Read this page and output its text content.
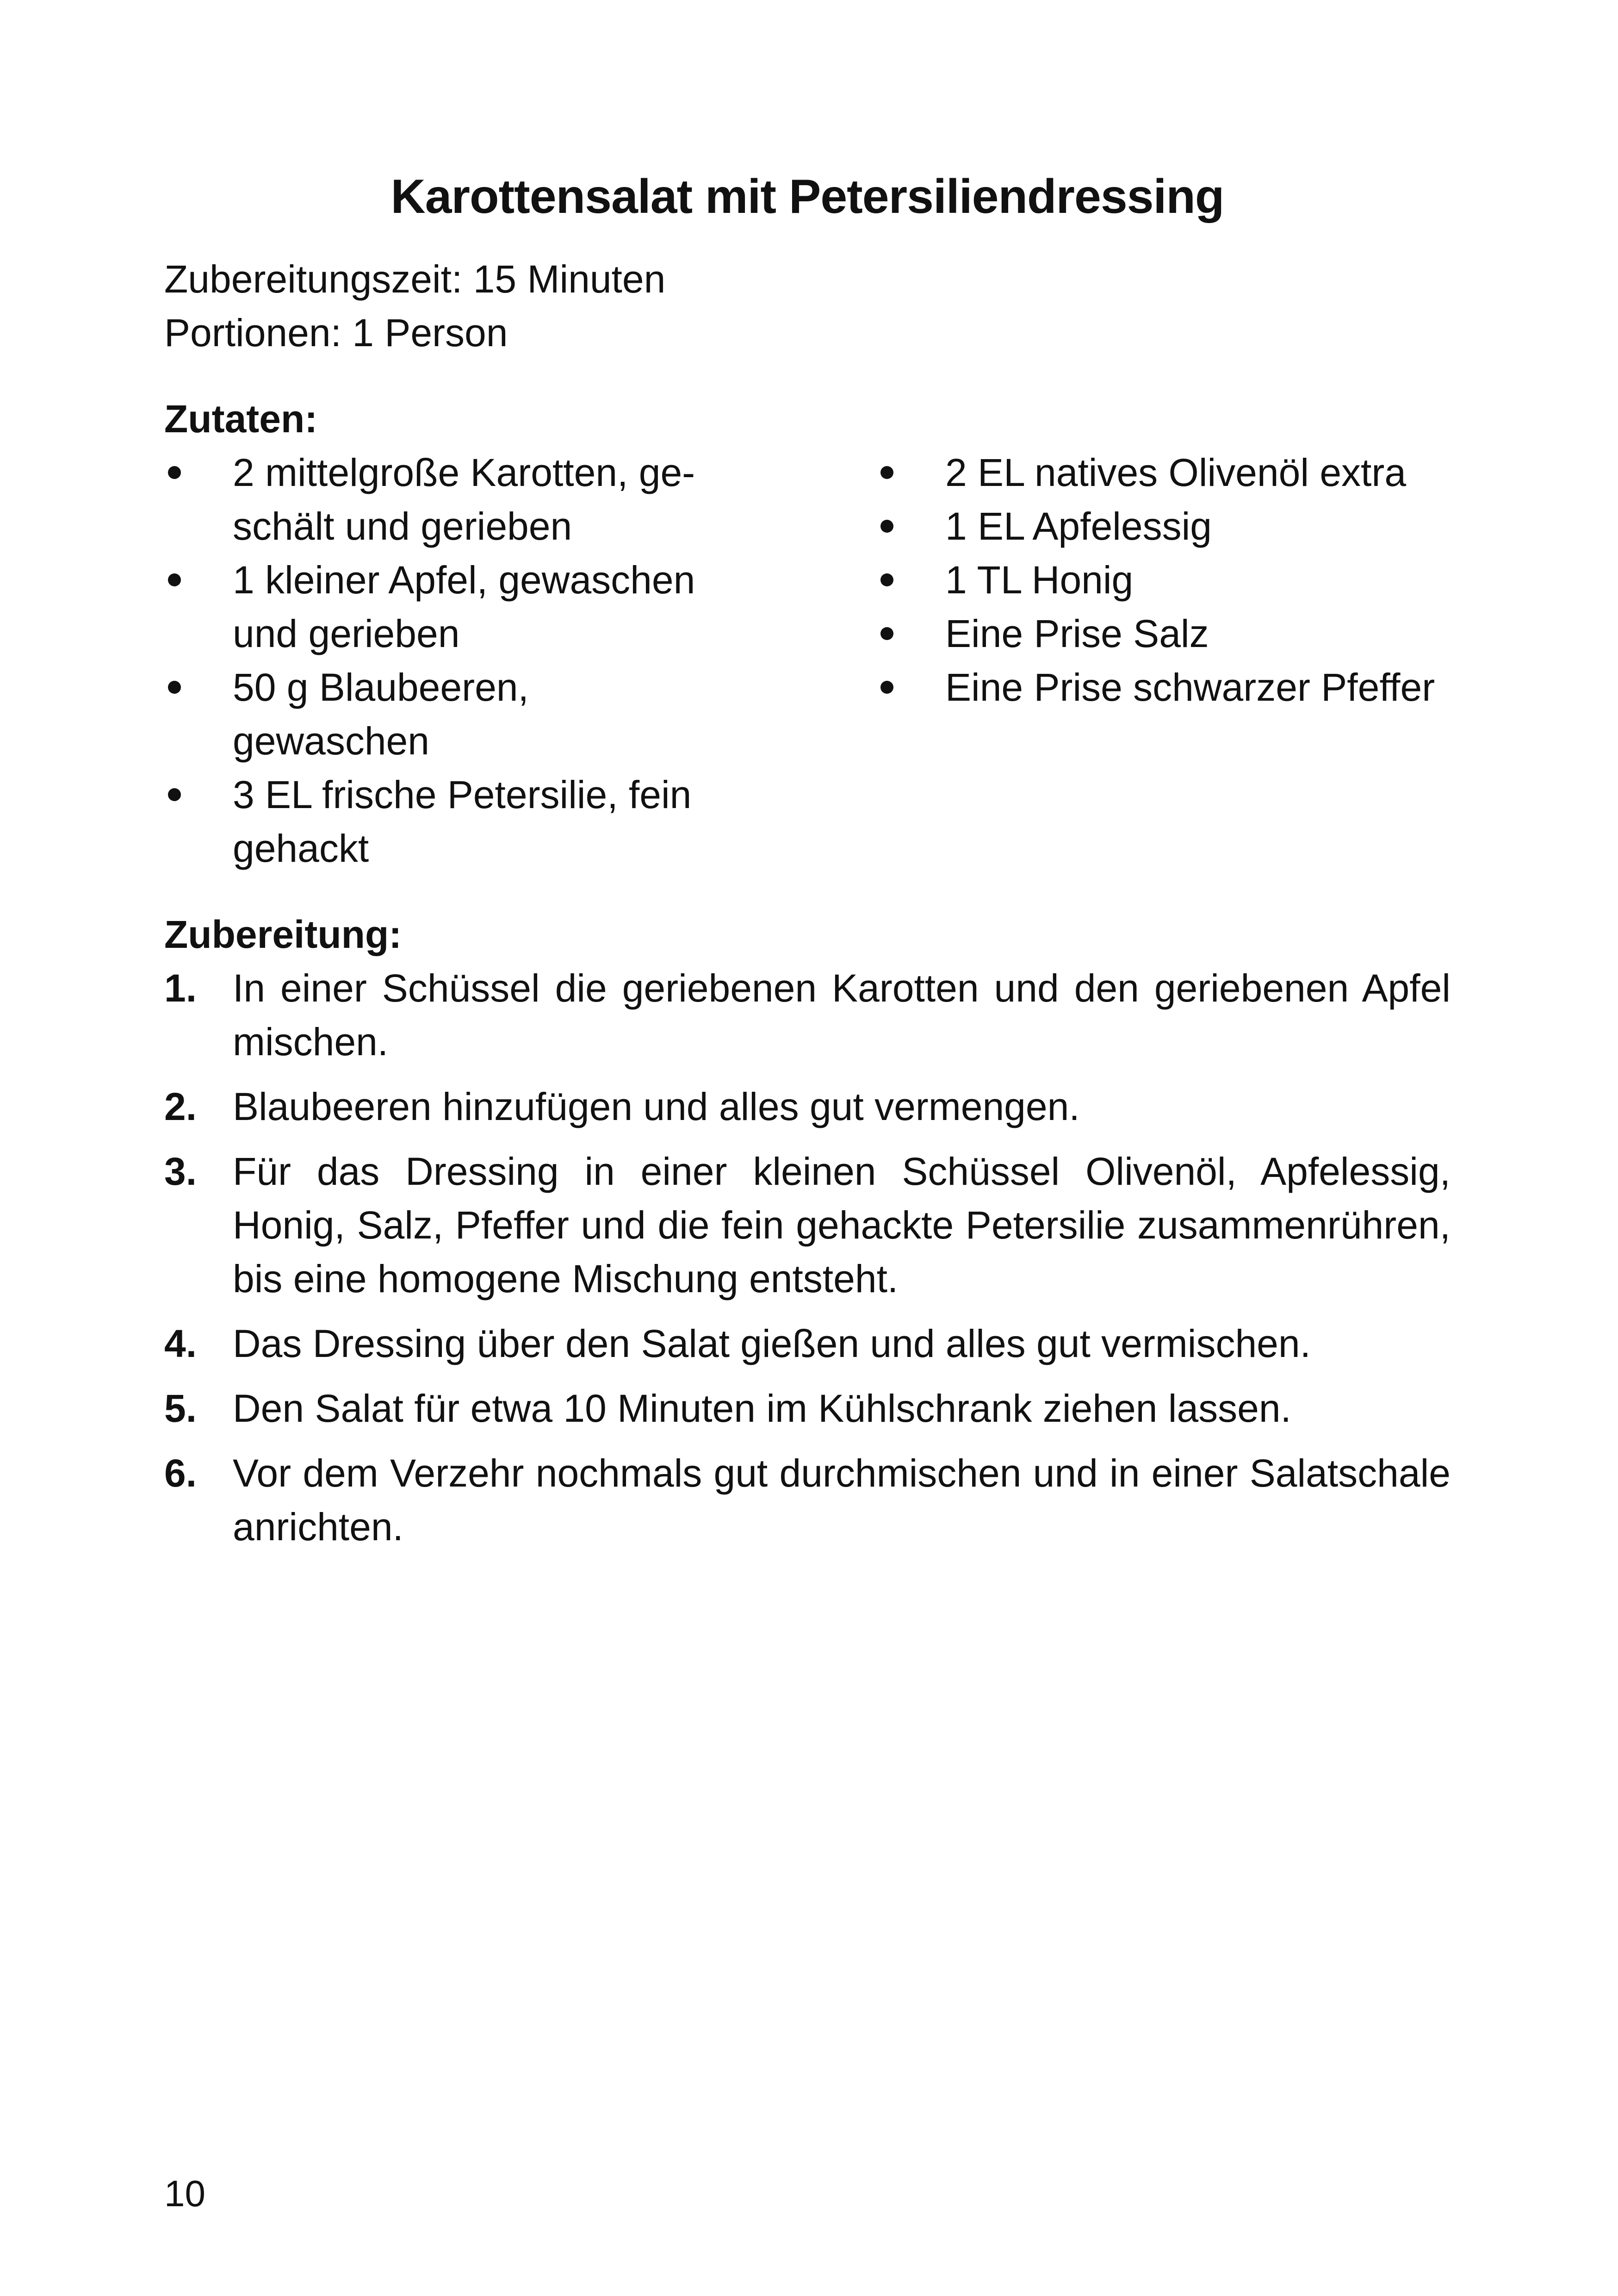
Karottensalat mit Petersiliendressing
Zubereitungszeit: 15 Minuten
Portionen: 1 Person
Zutaten:
2 mittelgroße Karotten, ge-
schält und gerieben
1 kleiner Apfel, gewaschen
und gerieben
50 g Blaubeeren, gewaschen
3 EL frische Petersilie, fein
gehackt
2 EL natives Olivenöl extra
1 EL Apfelessig
1 TL Honig
Eine Prise Salz
Eine Prise schwarzer Pfeffer
Zubereitung:
1. In einer Schüssel die geriebenen Karotten und den geriebenen Apfel mischen.
2. Blaubeeren hinzufügen und alles gut vermengen.
3. Für das Dressing in einer kleinen Schüssel Olivenöl, Apfelessig, Honig, Salz, Pfeffer und die fein gehackte Petersilie zusammenrühren, bis eine homogene Mischung entsteht.
4. Das Dressing über den Salat gießen und alles gut vermischen.
5. Den Salat für etwa 10 Minuten im Kühlschrank ziehen lassen.
6. Vor dem Verzehr nochmals gut durchmischen und in einer Salatschale anrichten.
10
